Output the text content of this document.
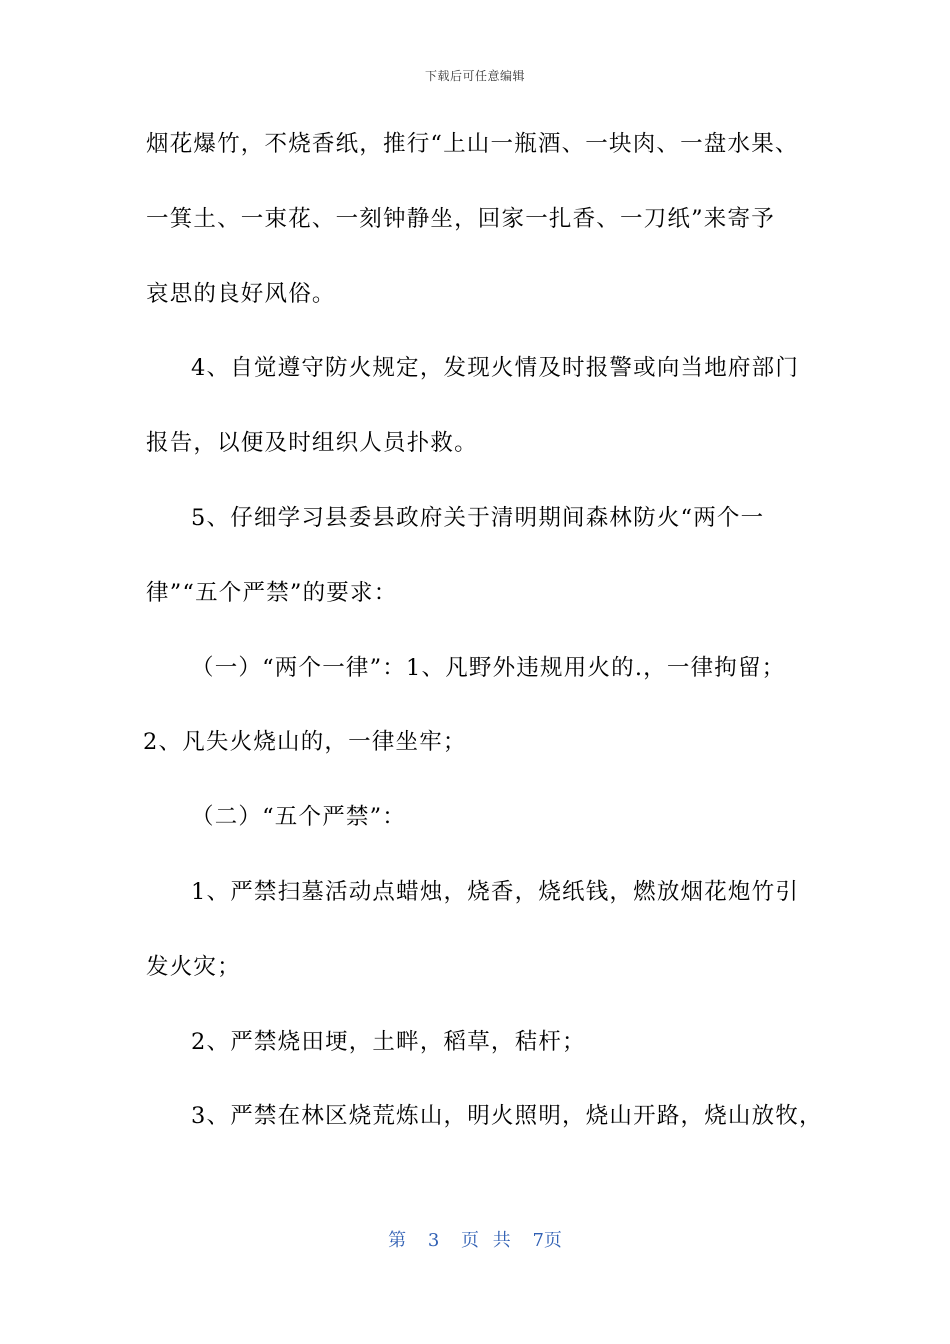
下载后可任意编辑
烟花爆竹，不烧香纸，推行“上山一瓶酒、一块肉、一盘水果、
一箕土、一束花、一刻钟静坐，回家一扎香、一刀纸”来寄予
哀思的良好风俗。
4、自觉遵守防火规定，发现火情及时报警或向当地府部门
报告，以便及时组织人员扑救。
5、仔细学习县委县政府关于清明期间森林防火“两个一
律”“五个严禁”的要求：
（一）“两个一律”：1、凡野外违规用火的.，一律拘留；
2、凡失火烧山的，一律坐牢；
（二）“五个严禁”：
1、严禁扫墓活动点蜡烛，烧香，烧纸钱，燃放烟花炮竹引
发火灾；
2、严禁烧田埂，土畔，稻草，秸杆；
3、严禁在林区烧荒炼山，明火照明，烧山开路，烧山放牧，
第 3 页 共 7页
